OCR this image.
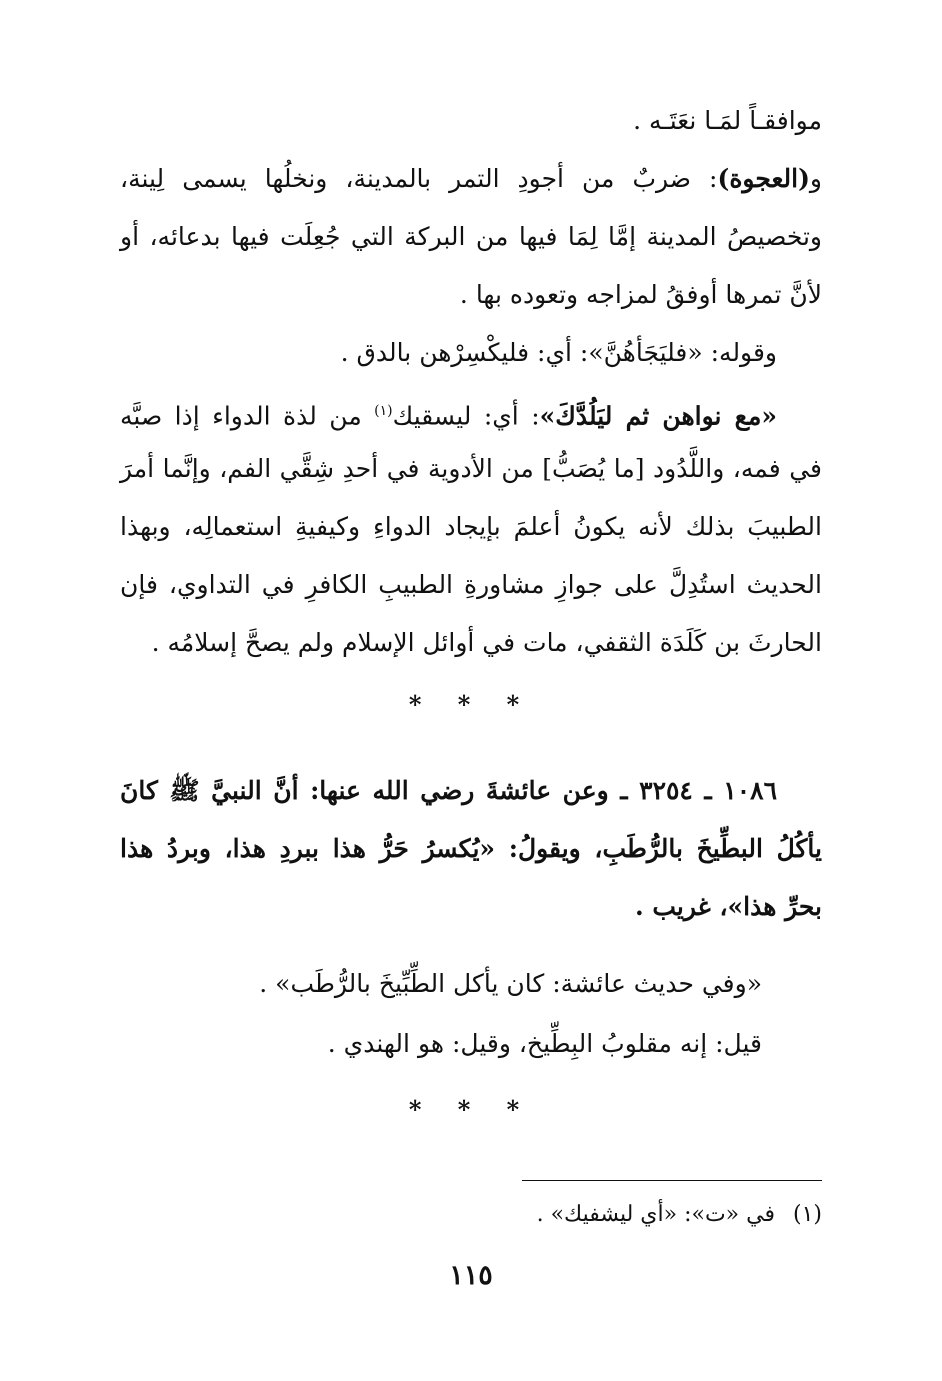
موافقـاً لمَـا نعَتَـه .
و(العجوة): ضربٌ من أجودِ التمر بالمدينة، ونخلُها يسمى لِينة،
وتخصيصُ المدينة إمَّا لِمَا فيها من البركة التي جُعِلَت فيها بدعائه، أو
لأنَّ تمرها أوفقُ لمزاجه وتعوده بها .
وقوله: «فليَجَأهُنَّ»: أي: فليكْسِرْهن بالدق .
«مع نواهن ثم ليَلُدَّكَ»: أي: ليسقيك$^{(١)}$ من لذة الدواء إذا صبَّه
في فمه، واللَّدُود [ما يُصَبُّ] من الأدوية في أحدِ شِقَّي الفم، وإنَّما أمرَ
الطبيبَ بذلك لأنه يكونُ أعلمَ بإيجاد الدواءِ وكيفيةِ استعمالِه، وبهذا
الحديث استُدِلَّ على جوازِ مشاورةِ الطبيبِ الكافرِ في التداوي، فإن
الحارثَ بن كَلَدَة الثقفي، مات في أوائل الإسلام ولم يصحَّ إسلامُه .
* * *
١٠٨٦ ـ ٣٢٥٤ ـ وعن عائشةَ رضي الله عنها: أنَّ النبيَّ ﷺ كانَ
يأكُلُ البطِّيخَ بالرُّطَبِ، ويقولُ: «يُكسرُ حَرُّ هذا ببردِ هذا، وبردُ هذا
بحرِّ هذا»، غريب .
«وفي حديث عائشة: كان يأكل الطِّبِّيخَ بالرُّطَب» .
قيل: إنه مقلوبُ البِطِّيخ، وقيل: هو الهندي .
* * *
(١)في «ت»: «أي ليشفيك» .
١١٥
